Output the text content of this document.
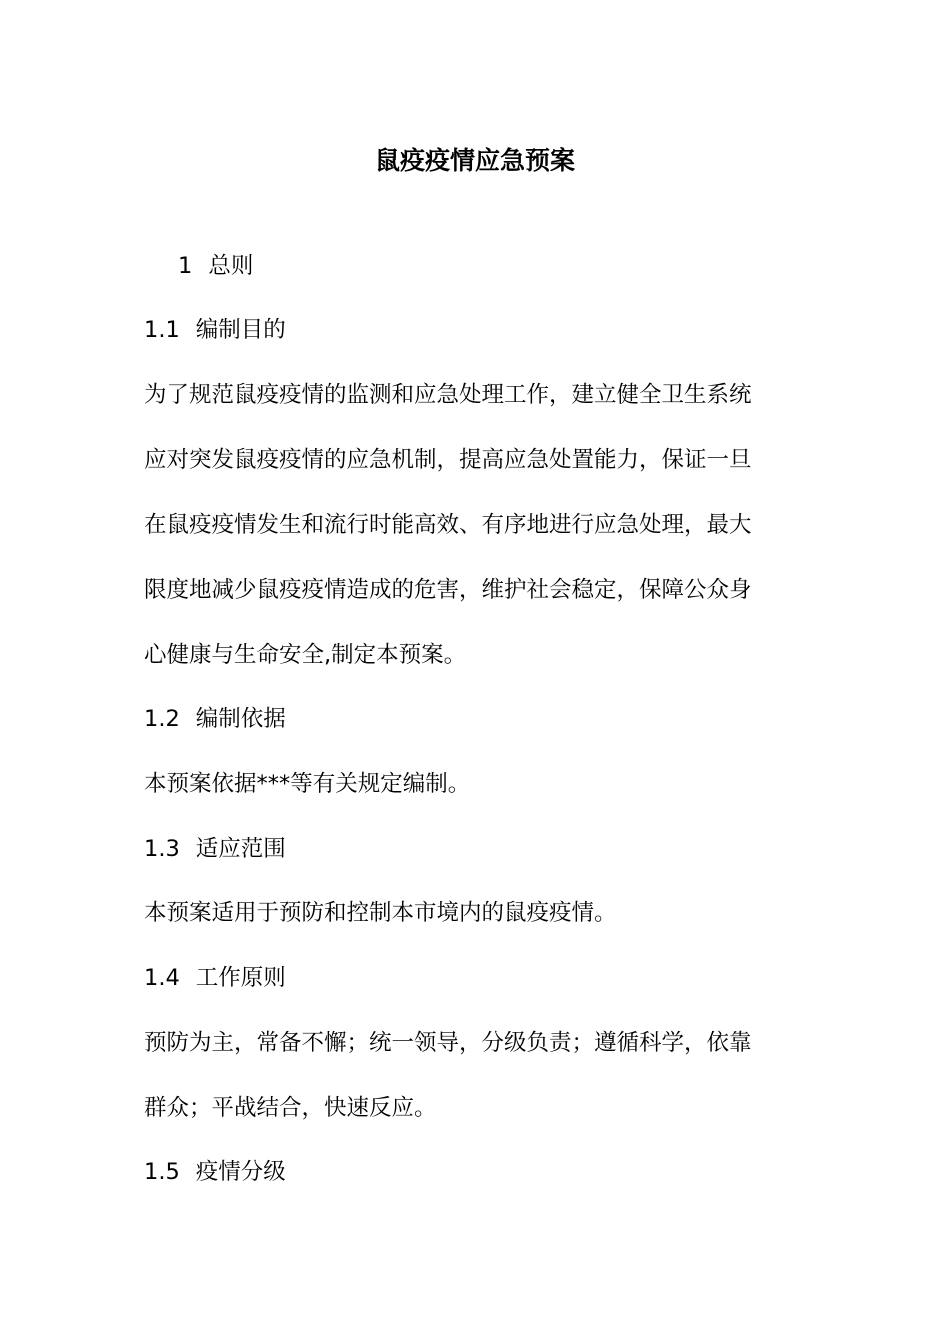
鼠疫疫情应急预案
1 总则
1.1 编制目的
为了规范鼠疫疫情的监测和应急处理工作，建立健全卫生系统
应对突发鼠疫疫情的应急机制，提高应急处置能力，保证一旦
在鼠疫疫情发生和流行时能高效、有序地进行应急处理，最大
限度地减少鼠疫疫情造成的危害，维护社会稳定，保障公众身
心健康与生命安全,制定本预案。
1.2 编制依据
本预案依据***等有关规定编制。
1.3 适应范围
本预案适用于预防和控制本市境内的鼠疫疫情。
1.4 工作原则
预防为主，常备不懈；统一领导，分级负责；遵循科学，依靠
群众；平战结合，快速反应。
1.5 疫情分级
